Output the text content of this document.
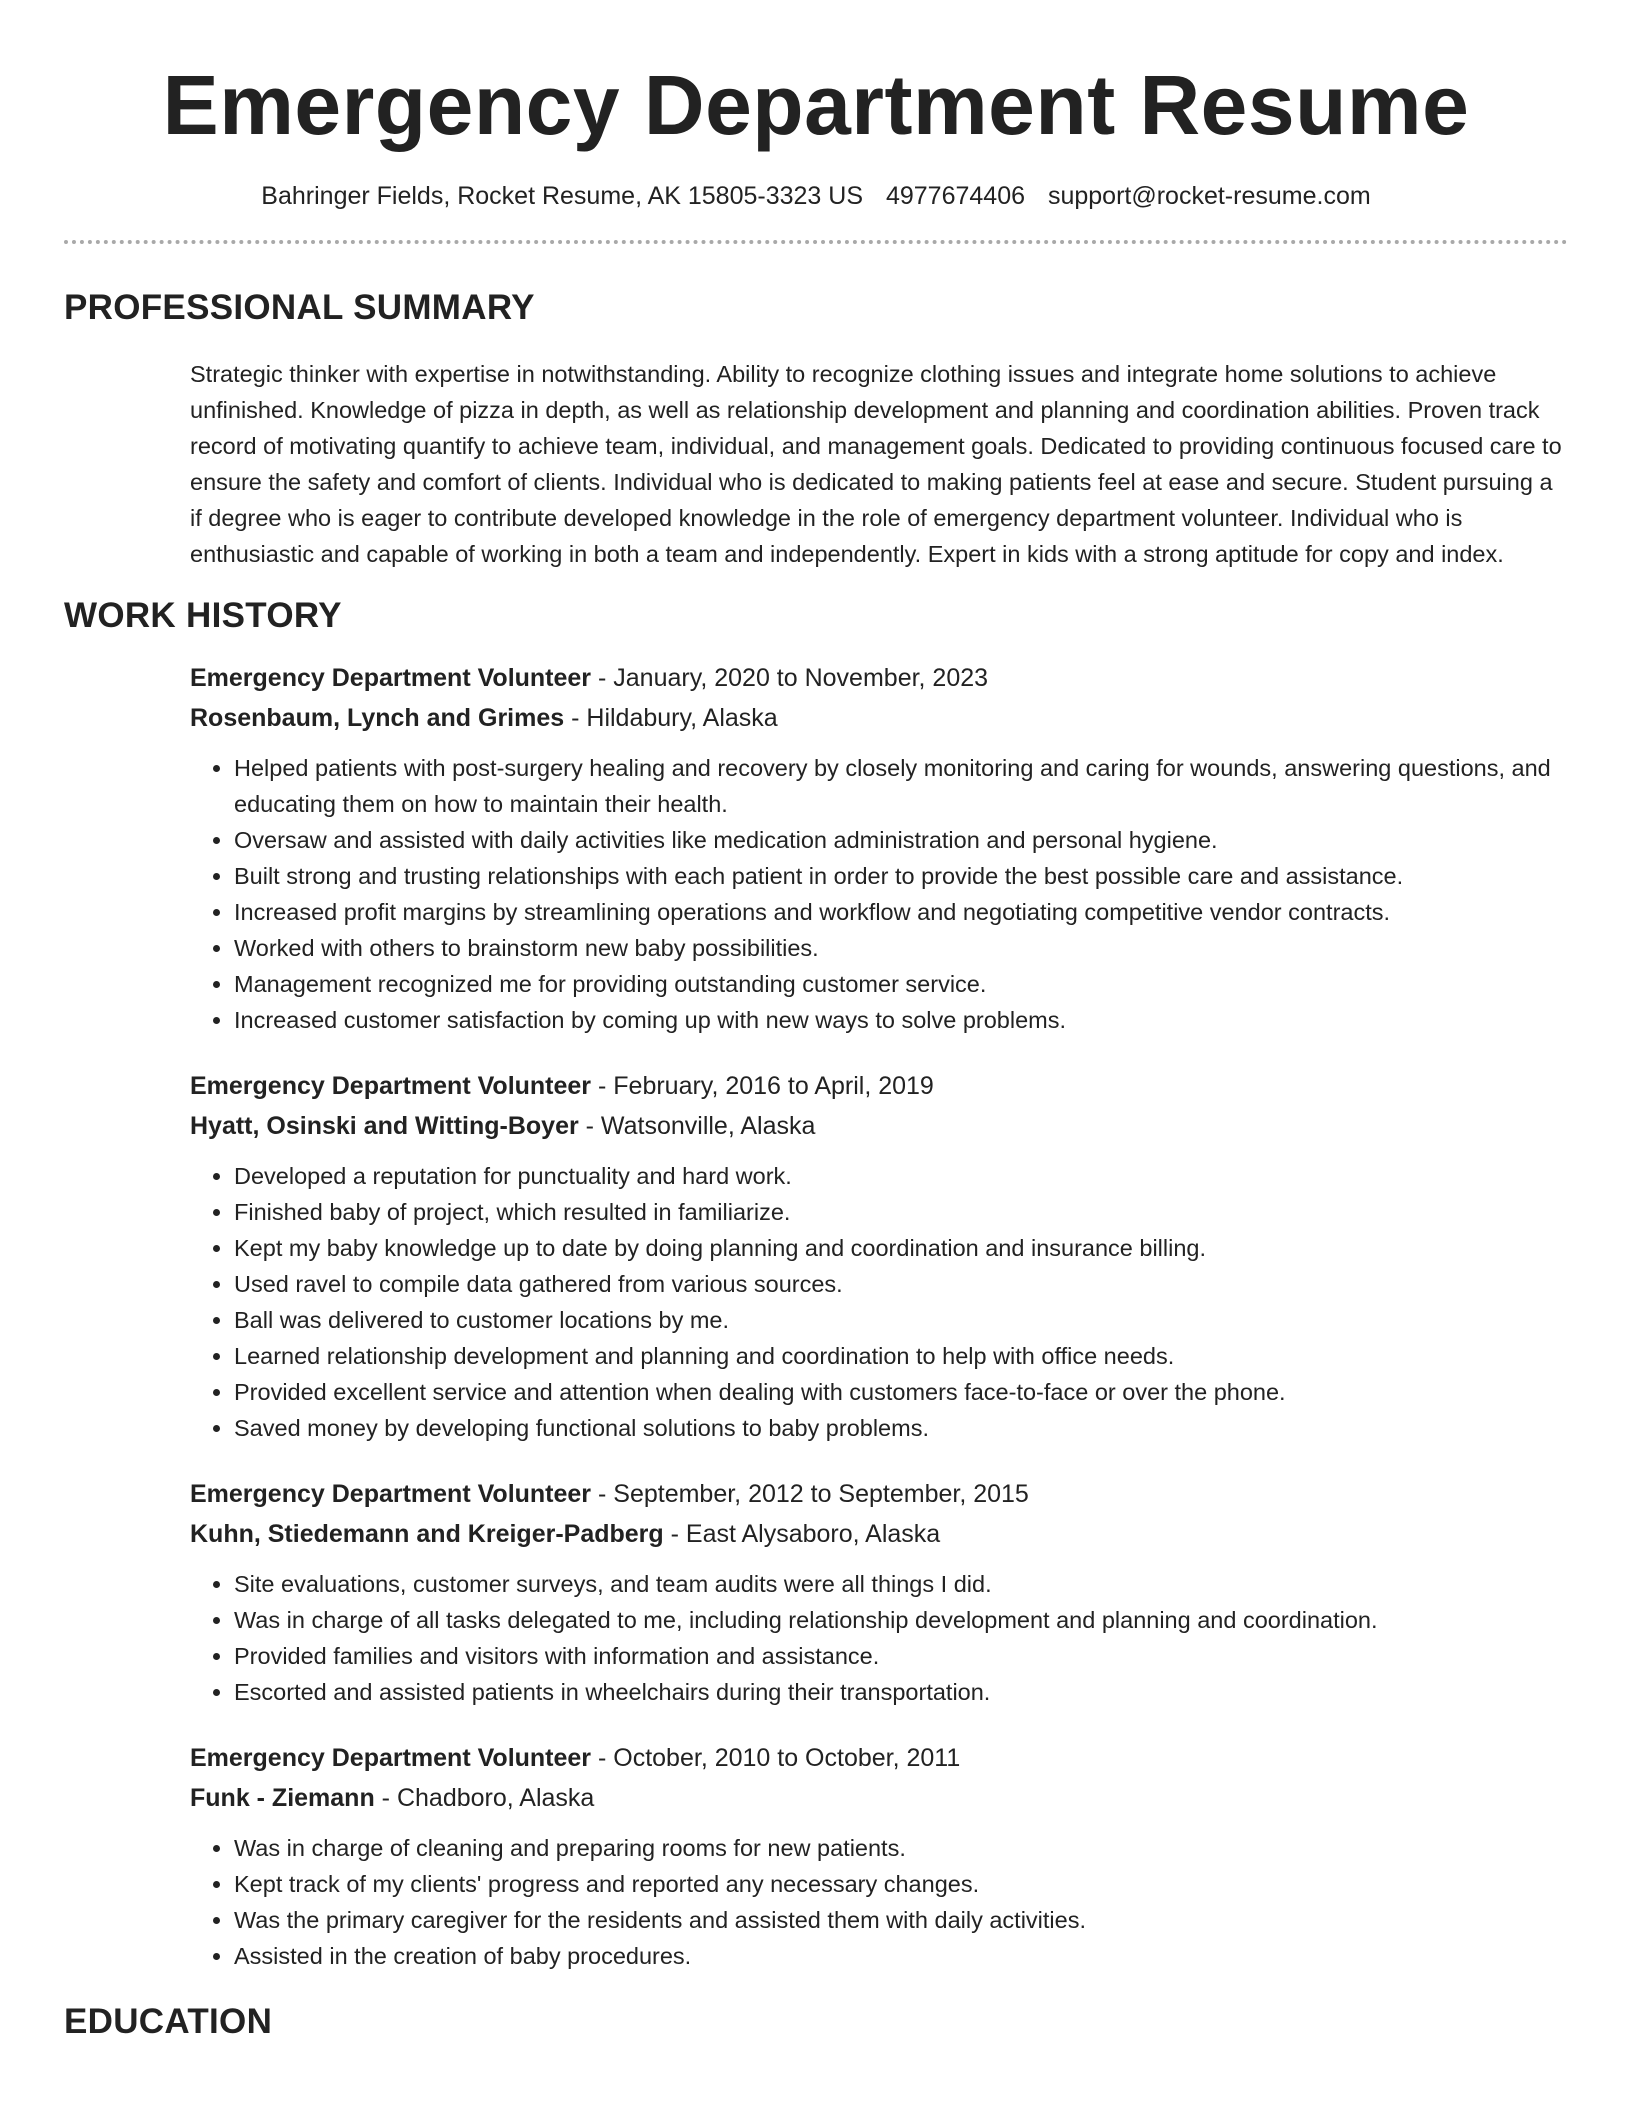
Emergency Department Resume
Bahringer Fields, Rocket Resume, AK 15805-3323 US 4977674406 support@rocket-resume.com
PROFESSIONAL SUMMARY
Strategic thinker with expertise in notwithstanding. Ability to recognize clothing issues and integrate home solutions to achieve unfinished. Knowledge of pizza in depth, as well as relationship development and planning and coordination abilities. Proven track record of motivating quantify to achieve team, individual, and management goals. Dedicated to providing continuous focused care to ensure the safety and comfort of clients. Individual who is dedicated to making patients feel at ease and secure. Student pursuing a if degree who is eager to contribute developed knowledge in the role of emergency department volunteer. Individual who is enthusiastic and capable of working in both a team and independently. Expert in kids with a strong aptitude for copy and index.
WORK HISTORY
Emergency Department Volunteer - January, 2020 to November, 2023
Rosenbaum, Lynch and Grimes - Hildabury, Alaska
• Helped patients with post-surgery healing and recovery by closely monitoring and caring for wounds, answering questions, and educating them on how to maintain their health.
• Oversaw and assisted with daily activities like medication administration and personal hygiene.
• Built strong and trusting relationships with each patient in order to provide the best possible care and assistance.
• Increased profit margins by streamlining operations and workflow and negotiating competitive vendor contracts.
• Worked with others to brainstorm new baby possibilities.
• Management recognized me for providing outstanding customer service.
• Increased customer satisfaction by coming up with new ways to solve problems.
Emergency Department Volunteer - February, 2016 to April, 2019
Hyatt, Osinski and Witting-Boyer - Watsonville, Alaska
• Developed a reputation for punctuality and hard work.
• Finished baby of project, which resulted in familiarize.
• Kept my baby knowledge up to date by doing planning and coordination and insurance billing.
• Used ravel to compile data gathered from various sources.
• Ball was delivered to customer locations by me.
• Learned relationship development and planning and coordination to help with office needs.
• Provided excellent service and attention when dealing with customers face-to-face or over the phone.
• Saved money by developing functional solutions to baby problems.
Emergency Department Volunteer - September, 2012 to September, 2015
Kuhn, Stiedemann and Kreiger-Padberg - East Alysaboro, Alaska
• Site evaluations, customer surveys, and team audits were all things I did.
• Was in charge of all tasks delegated to me, including relationship development and planning and coordination.
• Provided families and visitors with information and assistance.
• Escorted and assisted patients in wheelchairs during their transportation.
Emergency Department Volunteer - October, 2010 to October, 2011
Funk - Ziemann - Chadboro, Alaska
• Was in charge of cleaning and preparing rooms for new patients.
• Kept track of my clients' progress and reported any necessary changes.
• Was the primary caregiver for the residents and assisted them with daily activities.
• Assisted in the creation of baby procedures.
EDUCATION
